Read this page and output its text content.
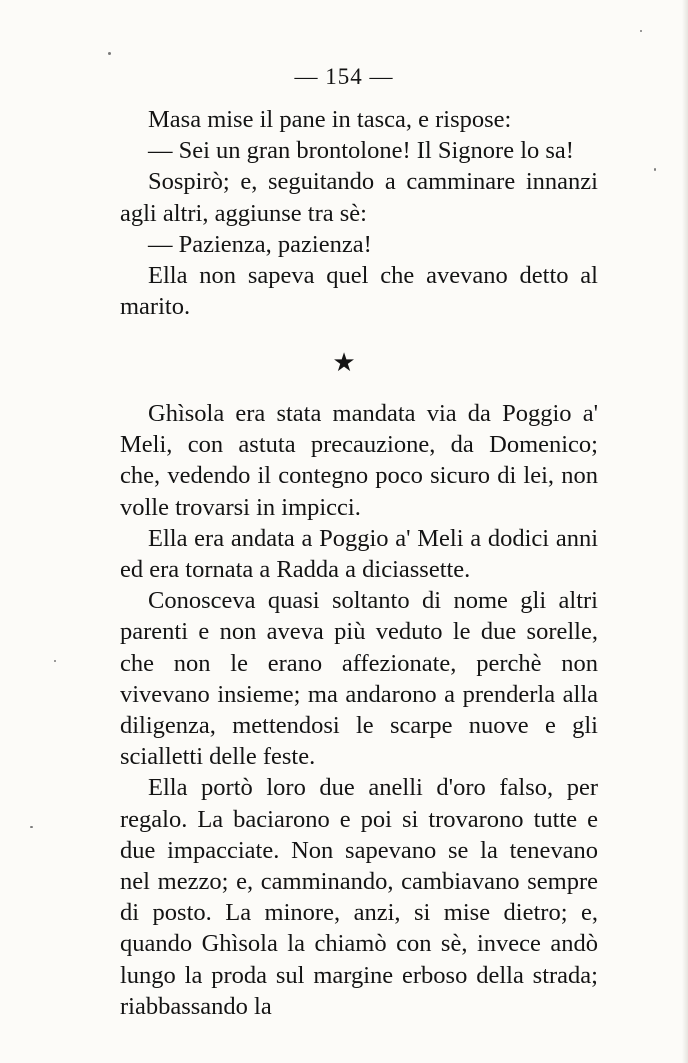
— 154 —

Masa mise il pane in tasca, e rispose:

— Sei un gran brontolone! Il Signore lo sa!

Sospirò; e, seguitando a camminare innanzi agli altri, aggiunse tra sè:

— Pazienza, pazienza!

Ella non sapeva quel che avevano detto al marito.

★

Ghìsola era stata mandata via da Poggio a' Meli, con astuta precauzione, da Domenico; che, vedendo il contegno poco sicuro di lei, non volle trovarsi in impicci.

Ella era andata a Poggio a' Meli a dodici anni ed era tornata a Radda a diciassette.

Conosceva quasi soltanto di nome gli altri parenti e non aveva più veduto le due sorelle, che non le erano affezionate, perchè non vivevano insieme; ma andarono a prenderla alla diligenza, mettendosi le scarpe nuove e gli scialletti delle feste.

Ella portò loro due anelli d'oro falso, per regalo. La baciarono e poi si trovarono tutte e due impacciate. Non sapevano se la tenevano nel mezzo; e, camminando, cambiavano sempre di posto. La minore, anzi, si mise dietro; e, quando Ghìsola la chiamò con sè, invece andò lungo la proda sul margine erboso della strada; riabbassando la
